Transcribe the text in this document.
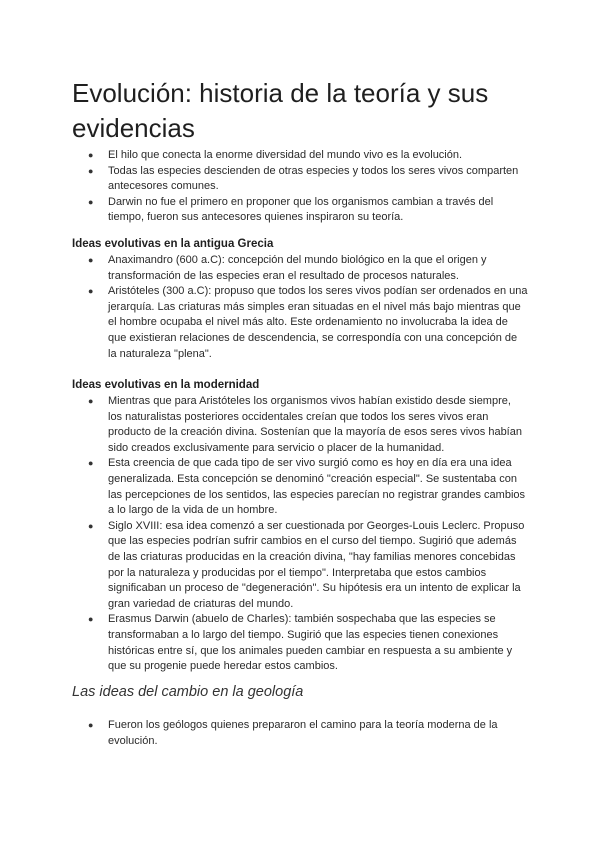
Evolución: historia de la teoría y sus evidencias
● El hilo que conecta la enorme diversidad del mundo vivo es la evolución.
● Todas las especies descienden de otras especies y todos los seres vivos comparten antecesores comunes.
● Darwin no fue el primero en proponer que los organismos cambian a través del tiempo, fueron sus antecesores quienes inspiraron su teoría.
Ideas evolutivas en la antigua Grecia
● Anaximandro (600 a.C): concepción del mundo biológico en la que el origen y transformación de las especies eran el resultado de procesos naturales.
● Aristóteles (300 a.C): propuso que todos los seres vivos podían ser ordenados en una jerarquía. Las criaturas más simples eran situadas en el nivel más bajo mientras que el hombre ocupaba el nivel más alto. Este ordenamiento no involucraba la idea de que existieran relaciones de descendencia, se correspondía con una concepción de la naturaleza "plena".
Ideas evolutivas en la modernidad
● Mientras que para Aristóteles los organismos vivos habían existido desde siempre, los naturalistas posteriores occidentales creían que todos los seres vivos eran producto de la creación divina. Sostenían que la mayoría de esos seres vivos habían sido creados exclusivamente para servicio o placer de la humanidad.
● Esta creencia de que cada tipo de ser vivo surgió como es hoy en día era una idea generalizada. Esta concepción se denominó "creación especial". Se sustentaba con las percepciones de los sentidos, las especies parecían no registrar grandes cambios a lo largo de la vida de un hombre.
● Siglo XVIII: esa idea comenzó a ser cuestionada por Georges-Louis Leclerc. Propuso que las especies podrían sufrir cambios en el curso del tiempo. Sugirió que además de las criaturas producidas en la creación divina, "hay familias menores concebidas por la naturaleza y producidas por el tiempo". Interpretaba que estos cambios significaban un proceso de "degeneración". Su hipótesis era un intento de explicar la gran variedad de criaturas del mundo.
● Erasmus Darwin (abuelo de Charles): también sospechaba que las especies se transformaban a lo largo del tiempo. Sugirió que las especies tienen conexiones históricas entre sí, que los animales pueden cambiar en respuesta a su ambiente y que su progenie puede heredar estos cambios.
Las ideas del cambio en la geología
● Fueron los geólogos quienes prepararon el camino para la teoría moderna de la evolución.
